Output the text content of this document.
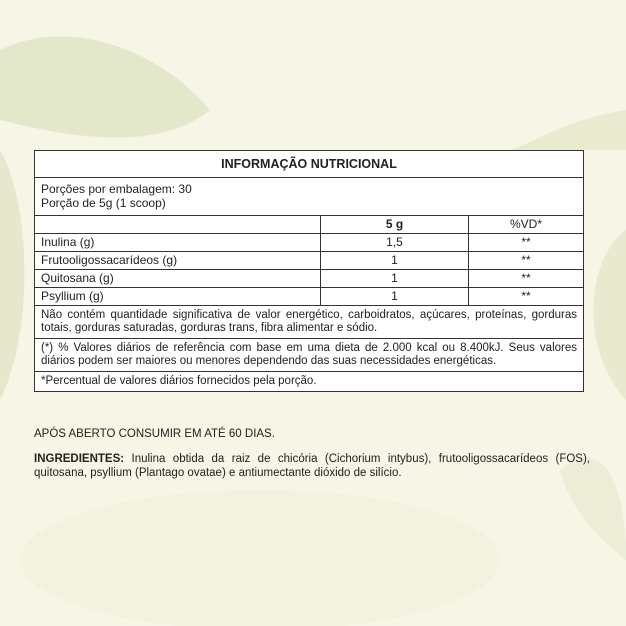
INFORMAÇÃO NUTRICIONAL
Porções por embalagem: 30
Porção de 5g (1 scoop)
	5 g	%VD*
Inulina (g)	1,5	**
Frutooligossacarídeos (g)	1	**
Quitosana (g)	1	**
Psyllium (g)	1	**
Não contém quantidade significativa de valor energético, carboidratos, açúcares, proteínas, gorduras totais, gorduras saturadas, gorduras trans, fibra alimentar e sódio.
(*) % Valores diários de referência com base em uma dieta de 2.000 kcal ou 8.400kJ. Seus valores diários podem ser maiores ou menores dependendo das suas necessidades energéticas.
*Percentual de valores diários fornecidos pela porção.
APÓS ABERTO CONSUMIR EM ATÉ 60 DIAS.
INGREDIENTES: Inulina obtida da raiz de chicória (Cichorium intybus), frutooligossacarídeos (FOS), quitosana, psyllium (Plantago ovatae) e antiumectante dióxido de silício.
